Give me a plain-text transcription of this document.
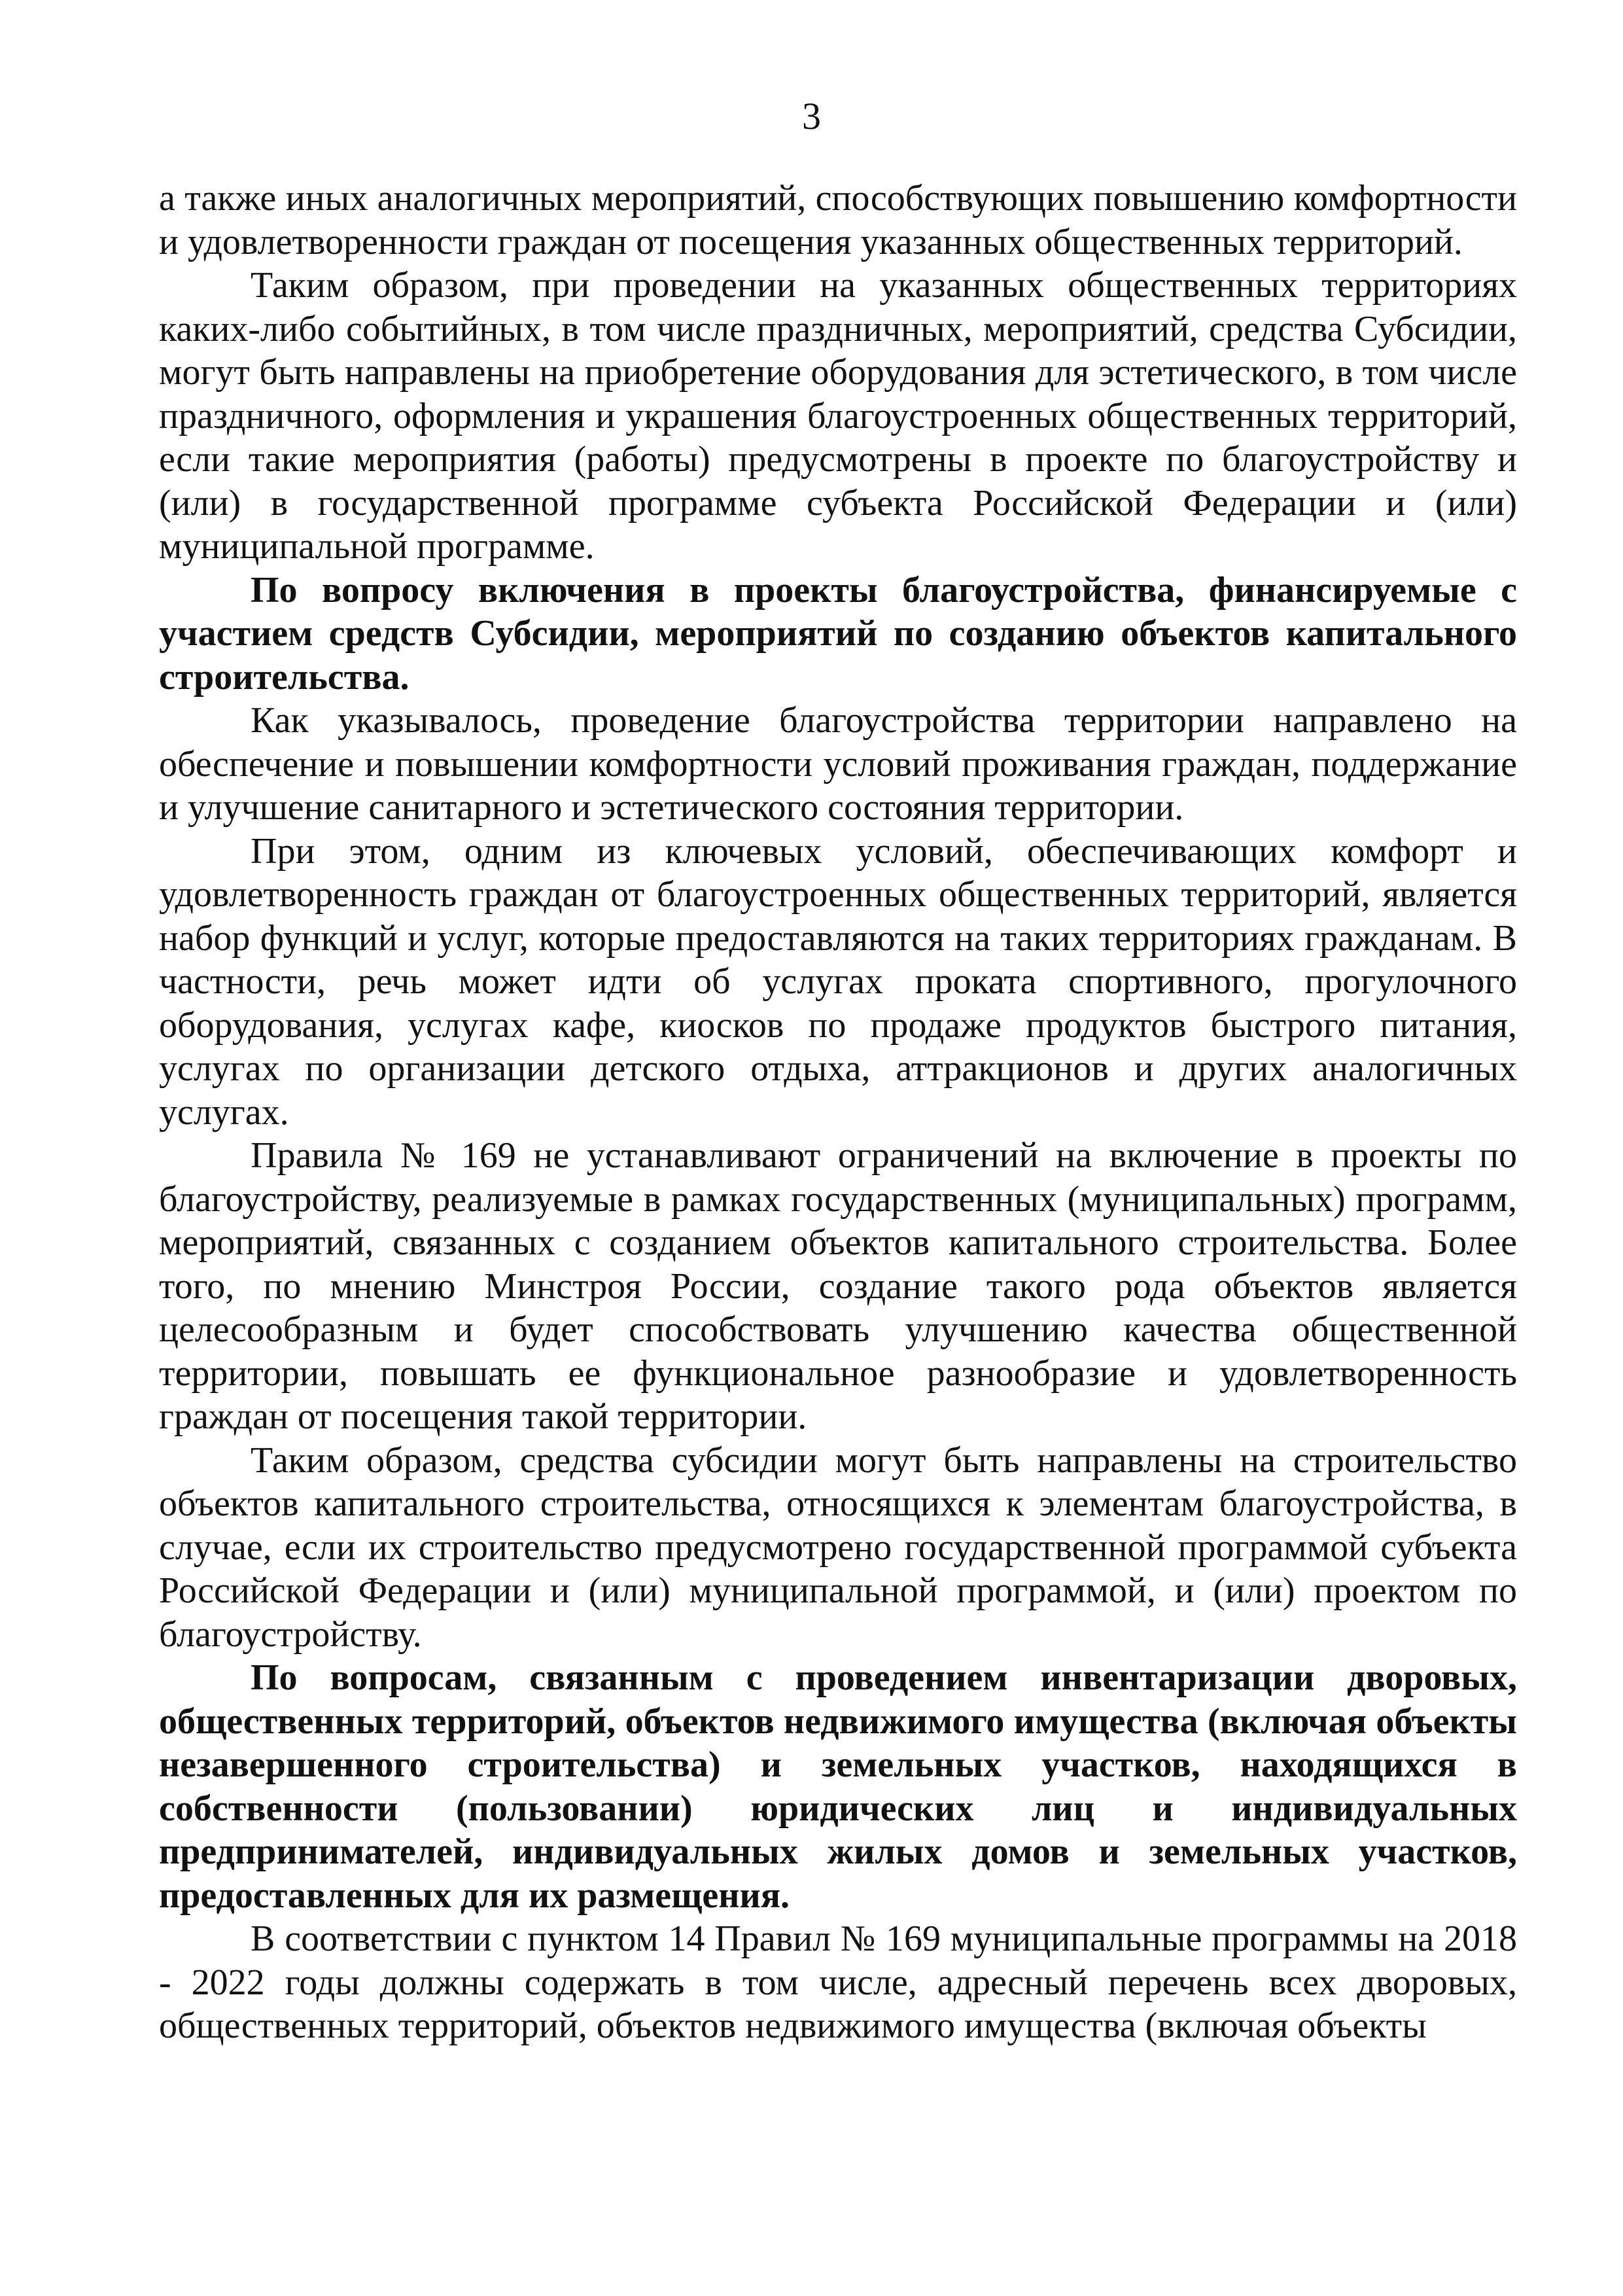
3

а также иных аналогичных мероприятий, способствующих повышению комфортности и удовлетворенности граждан от посещения указанных общественных территорий.

Таким образом, при проведении на указанных общественных территориях каких-либо событийных, в том числе праздничных, мероприятий, средства Субсидии, могут быть направлены на приобретение оборудования для эстетического, в том числе праздничного, оформления и украшения благоустроенных общественных территорий, если такие мероприятия (работы) предусмотрены в проекте по благоустройству и (или) в государственной программе субъекта Российской Федерации и (или) муниципальной программе.

По вопросу включения в проекты благоустройства, финансируемые с участием средств Субсидии, мероприятий по созданию объектов капитального строительства.

Как указывалось, проведение благоустройства территории направлено на обеспечение и повышении комфортности условий проживания граждан, поддержание и улучшение санитарного и эстетического состояния территории.

При этом, одним из ключевых условий, обеспечивающих комфорт и удовлетворенность граждан от благоустроенных общественных территорий, является набор функций и услуг, которые предоставляются на таких территориях гражданам. В частности, речь может идти об услугах проката спортивного, прогулочного оборудования, услугах кафе, киосков по продаже продуктов быстрого питания, услугах по организации детского отдыха, аттракционов и других аналогичных услугах.

Правила № 169 не устанавливают ограничений на включение в проекты по благоустройству, реализуемые в рамках государственных (муниципальных) программ, мероприятий, связанных с созданием объектов капитального строительства. Более того, по мнению Минстроя России, создание такого рода объектов является целесообразным и будет способствовать улучшению качества общественной территории, повышать ее функциональное разнообразие и удовлетворенность граждан от посещения такой территории.

Таким образом, средства субсидии могут быть направлены на строительство объектов капитального строительства, относящихся к элементам благоустройства, в случае, если их строительство предусмотрено государственной программой субъекта Российской Федерации и (или) муниципальной программой, и (или) проектом по благоустройству.

По вопросам, связанным с проведением инвентаризации дворовых, общественных территорий, объектов недвижимого имущества (включая объекты незавершенного строительства) и земельных участков, находящихся в собственности (пользовании) юридических лиц и индивидуальных предпринимателей, индивидуальных жилых домов и земельных участков, предоставленных для их размещения.

В соответствии с пунктом 14 Правил № 169 муниципальные программы на 2018 - 2022 годы должны содержать в том числе, адресный перечень всех дворовых, общественных территорий, объектов недвижимого имущества (включая объекты
